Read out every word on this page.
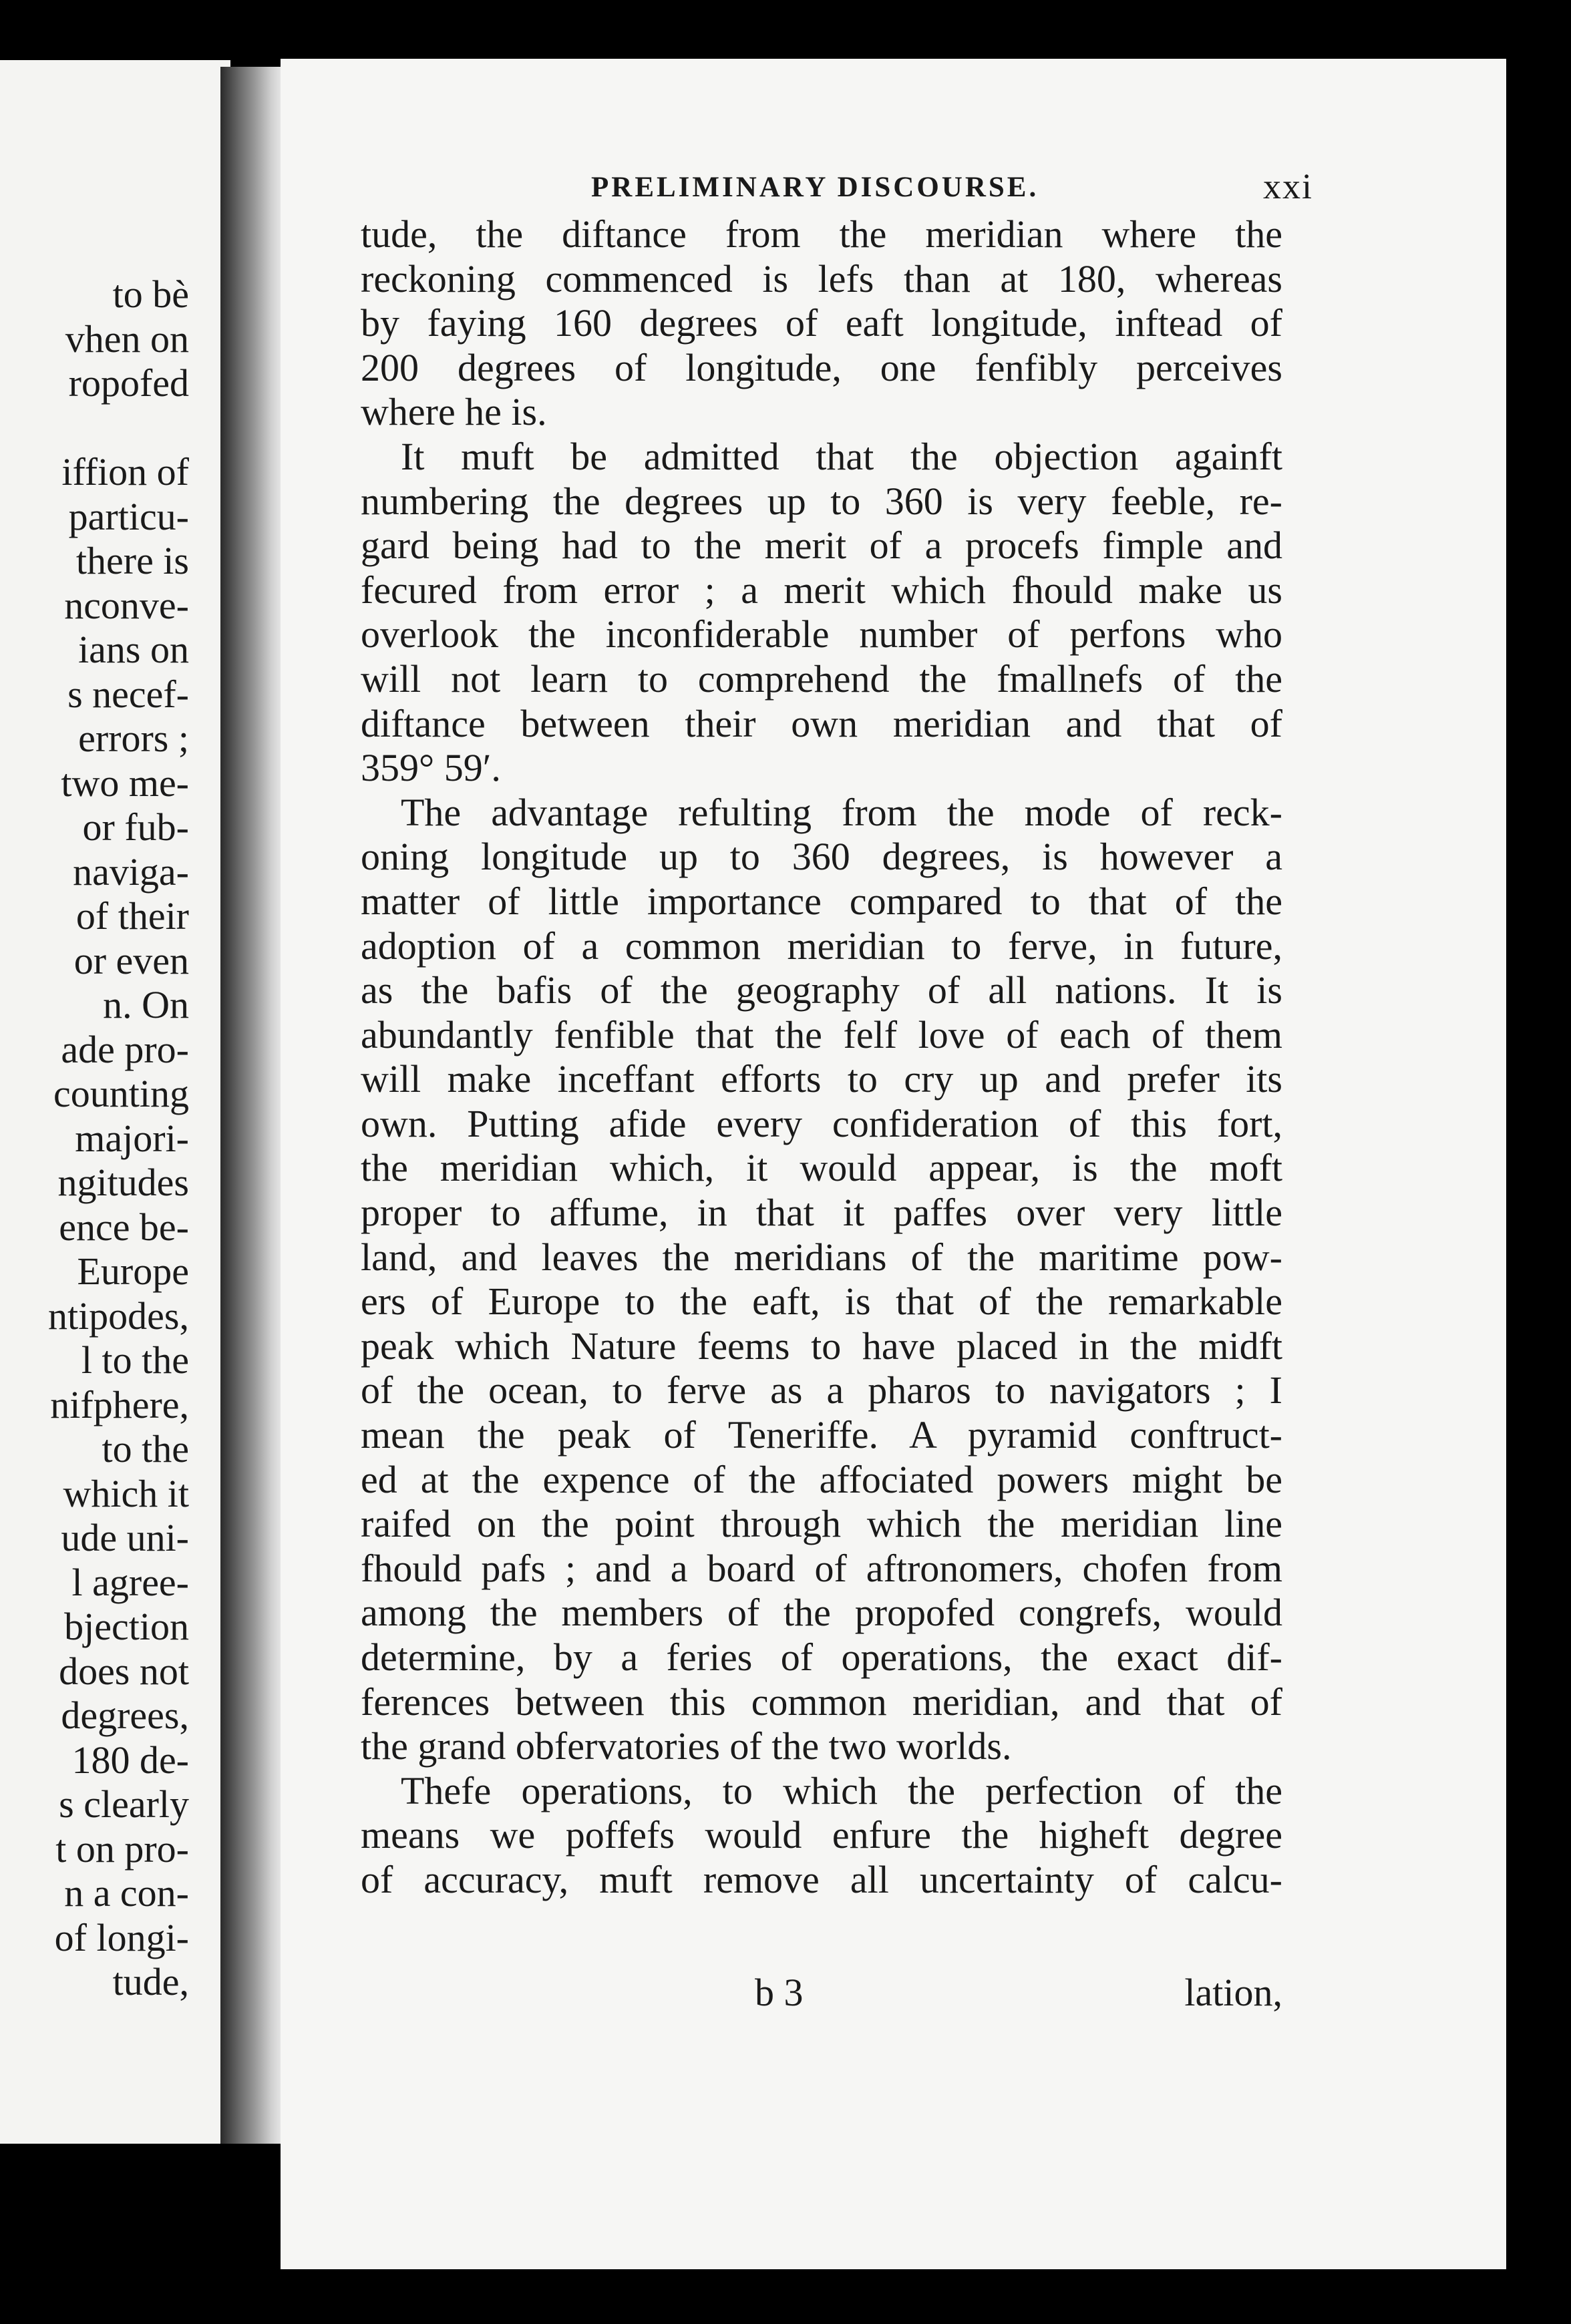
to bè
vhen on
ropofed

iffion of
particu-
there is
nconve-
ians on
s necef-
errors ;
two me-
or fub-
naviga-
of their
or even
n. On
ade pro-
counting
majori-
ngitudes
ence be-
Europe
ntipodes,
l to the
nifphere,
to the
which it
ude uni-
l agree-
bjection
does not
degrees,
180 de-
s clearly
t on pro-
n a con-
of longi-
tude,
PRELIMINARY DISCOURSE.	xxi

tude, the diftance from the meridian where the
reckoning commenced is lefs than at 180, whereas
by faying 160 degrees of eaft longitude, inftead of
200 degrees of longitude, one fenfibly perceives
where he is.

It muft be admitted that the objection againft
numbering the degrees up to 360 is very feeble, re-
gard being had to the merit of a procefs fimple and
fecured from error ; a merit which fhould make us
overlook the inconfiderable number of perfons who
will not learn to comprehend the fmallnefs of the
diftance between their own meridian and that of
359° 59′.

The advantage refulting from the mode of reck-
oning longitude up to 360 degrees, is however a
matter of little importance compared to that of the
adoption of a common meridian to ferve, in future,
as the bafis of the geography of all nations. It is
abundantly fenfible that the felf love of each of them
will make inceffant efforts to cry up and prefer its
own. Putting afide every confideration of this fort,
the meridian which, it would appear, is the moft
proper to affume, in that it paffes over very little
land, and leaves the meridians of the maritime pow-
ers of Europe to the eaft, is that of the remarkable
peak which Nature feems to have placed in the midft
of the ocean, to ferve as a pharos to navigators ; I
mean the peak of Teneriffe. A pyramid conftruct-
ed at the expence of the affociated powers might be
raifed on the point through which the meridian line
fhould pafs ; and a board of aftronomers, chofen from
among the members of the propofed congrefs, would
determine, by a feries of operations, the exact dif-
ferences between this common meridian, and that of
the grand obfervatories of the two worlds.

Thefe operations, to which the perfection of the
means we poffefs would enfure the higheft degree
of accuracy, muft remove all uncertainty of calcu-

b 3	lation,
